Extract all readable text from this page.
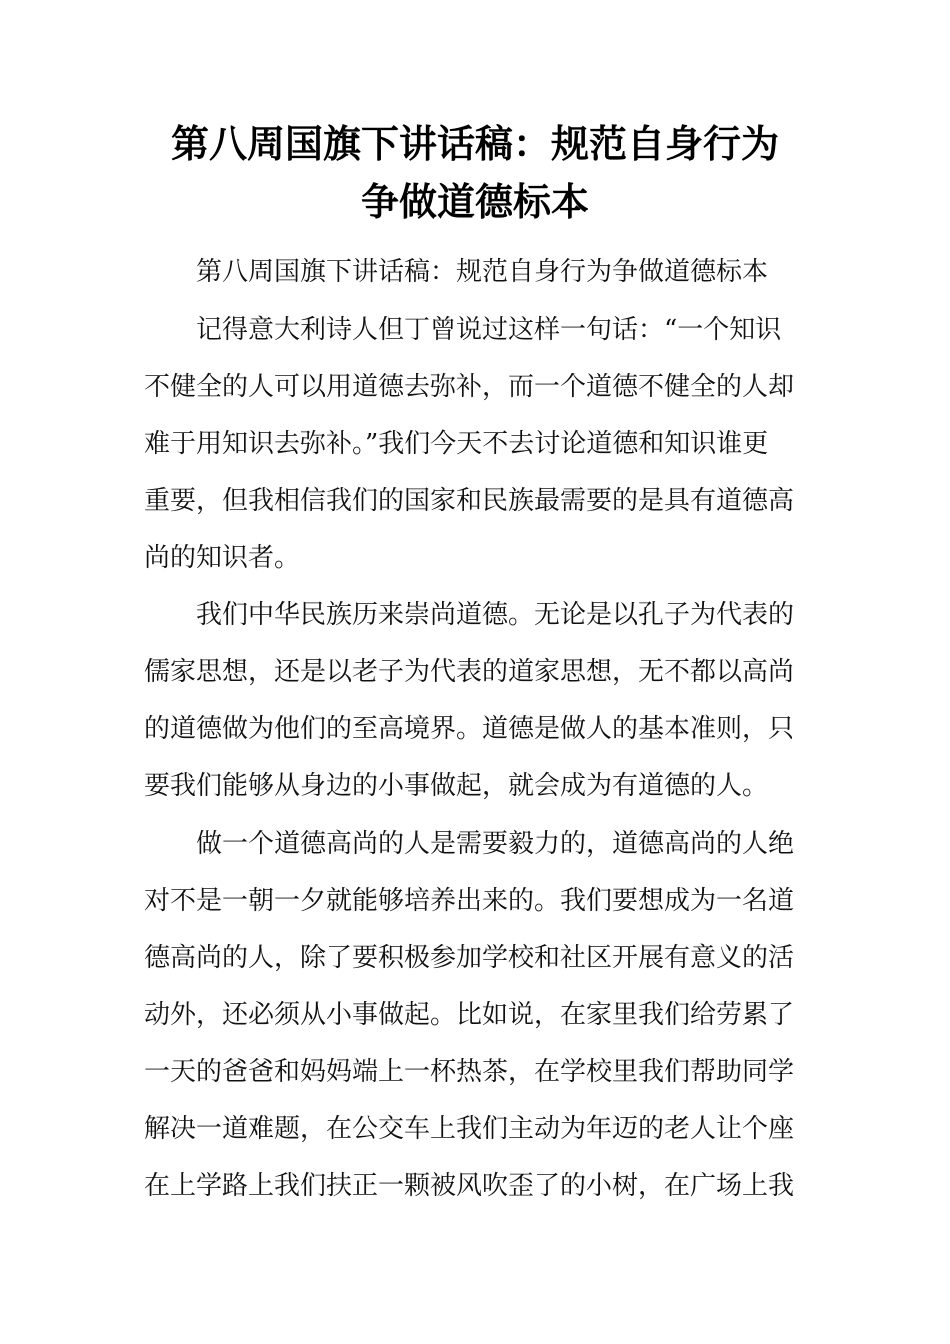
第八周国旗下讲话稿：规范自身行为
争做道德标本
第八周国旗下讲话稿：规范自身行为争做道德标本
记得意大利诗人但丁曾说过这样一句话：“一个知识
不健全的人可以用道德去弥补，而一个道德不健全的人却
难于用知识去弥补。”我们今天不去讨论道德和知识谁更
重要，但我相信我们的国家和民族最需要的是具有道德高
尚的知识者。
我们中华民族历来崇尚道德。无论是以孔子为代表的
儒家思想，还是以老子为代表的道家思想，无不都以高尚
的道德做为他们的至高境界。道德是做人的基本准则，只
要我们能够从身边的小事做起，就会成为有道德的人。
做一个道德高尚的人是需要毅力的，道德高尚的人绝
对不是一朝一夕就能够培养出来的。我们要想成为一名道
德高尚的人，除了要积极参加学校和社区开展有意义的活
动外，还必须从小事做起。比如说，在家里我们给劳累了
一天的爸爸和妈妈端上一杯热茶，在学校里我们帮助同学
解决一道难题，在公交车上我们主动为年迈的老人让个座
在上学路上我们扶正一颗被风吹歪了的小树，在广场上我
